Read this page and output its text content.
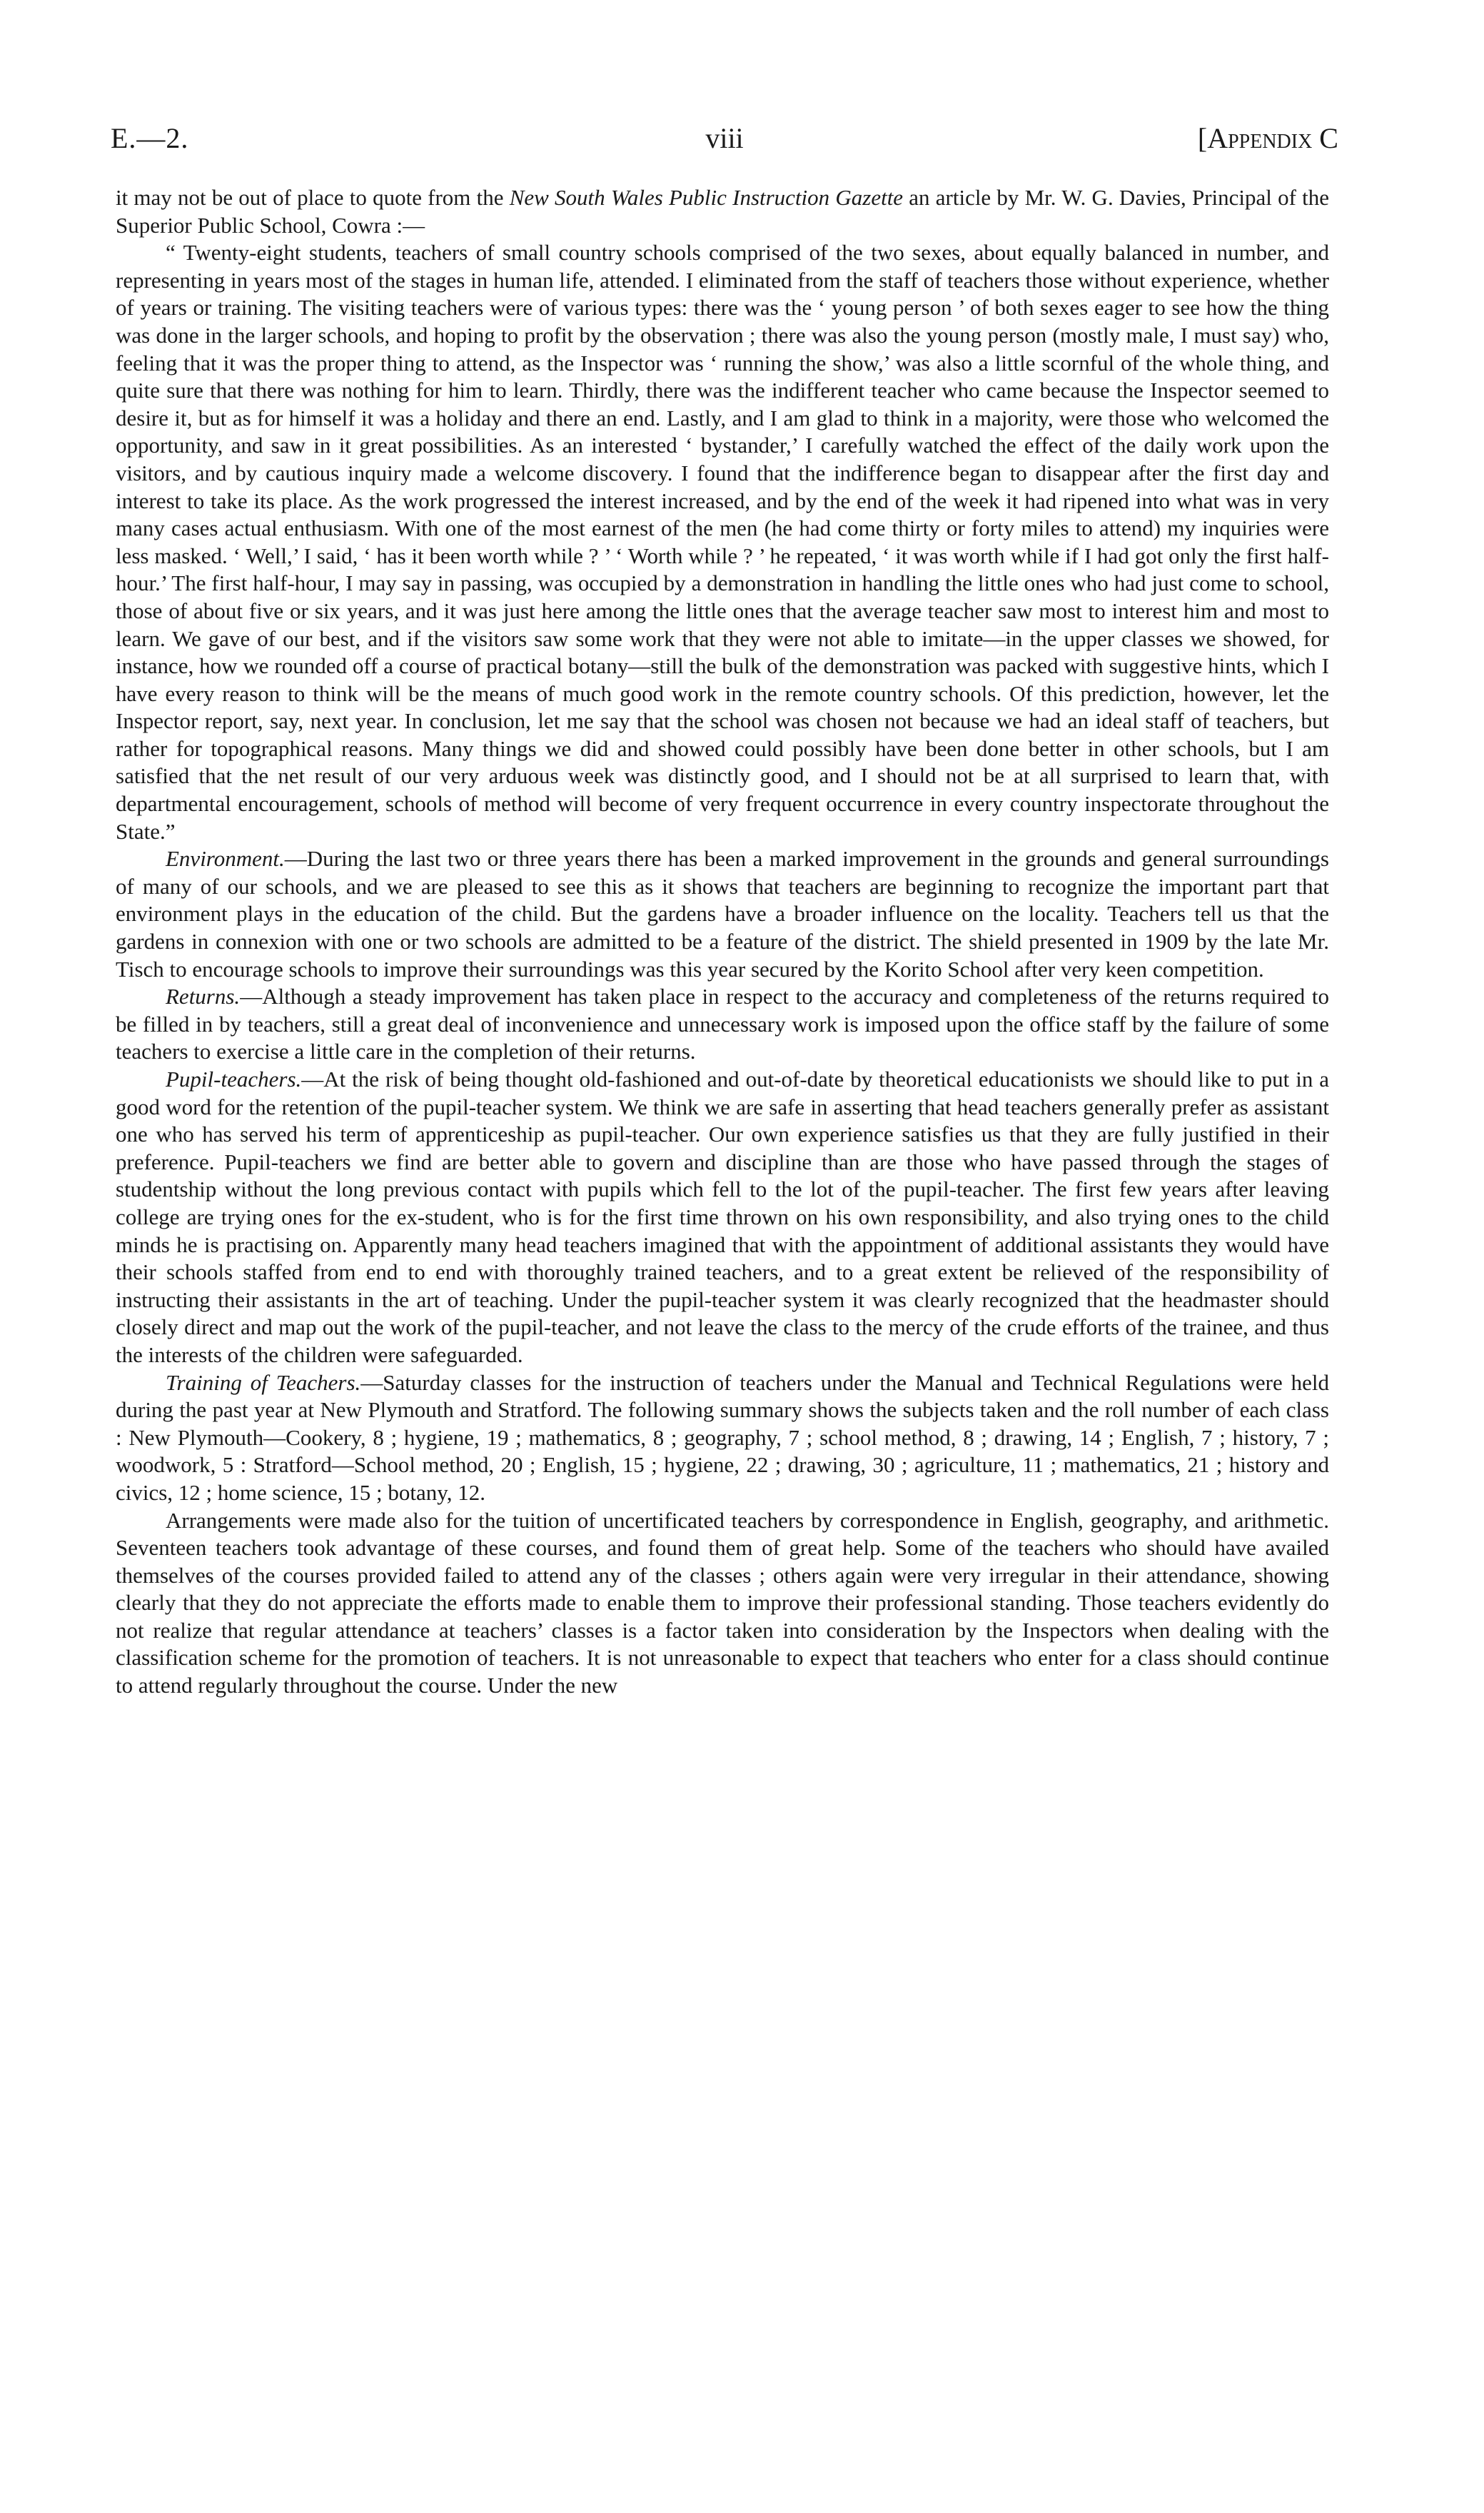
E.—2.	viii	[Appendix C

it may not be out of place to quote from the New South Wales Public Instruction Gazette an article by Mr. W. G. Davies, Principal of the Superior Public School, Cowra :—

“ Twenty-eight students, teachers of small country schools comprised of the two sexes, about equally balanced in number, and representing in years most of the stages in human life, attended. I eliminated from the staff of teachers those without experience, whether of years or training. The visiting teachers were of various types: there was the ‘ young person ’ of both sexes eager to see how the thing was done in the larger schools, and hoping to profit by the observation ; there was also the young person (mostly male, I must say) who, feeling that it was the proper thing to attend, as the Inspector was ‘ running the show,’ was also a little scornful of the whole thing, and quite sure that there was nothing for him to learn. Thirdly, there was the indifferent teacher who came because the Inspector seemed to desire it, but as for himself it was a holiday and there an end. Lastly, and I am glad to think in a majority, were those who welcomed the opportunity, and saw in it great possibilities. As an interested ‘ bystander,’ I carefully watched the effect of the daily work upon the visitors, and by cautious inquiry made a welcome discovery. I found that the indifference began to disappear after the first day and interest to take its place. As the work progressed the interest increased, and by the end of the week it had ripened into what was in very many cases actual enthusiasm. With one of the most earnest of the men (he had come thirty or forty miles to attend) my inquiries were less masked. ‘ Well,’ I said, ‘ has it been worth while ? ’ ‘ Worth while ? ’ he repeated, ‘ it was worth while if I had got only the first half-hour.’ The first half-hour, I may say in passing, was occupied by a demonstration in handling the little ones who had just come to school, those of about five or six years, and it was just here among the little ones that the average teacher saw most to interest him and most to learn. We gave of our best, and if the visitors saw some work that they were not able to imitate—in the upper classes we showed, for instance, how we rounded off a course of practical botany—still the bulk of the demonstration was packed with suggestive hints, which I have every reason to think will be the means of much good work in the remote country schools. Of this prediction, however, let the Inspector report, say, next year. In conclusion, let me say that the school was chosen not because we had an ideal staff of teachers, but rather for topographical reasons. Many things we did and showed could possibly have been done better in other schools, but I am satisfied that the net result of our very arduous week was distinctly good, and I should not be at all surprised to learn that, with departmental encouragement, schools of method will become of very frequent occurrence in every country inspectorate throughout the State.”

Environment.—During the last two or three years there has been a marked improvement in the grounds and general surroundings of many of our schools, and we are pleased to see this as it shows that teachers are beginning to recognize the important part that environment plays in the education of the child. But the gardens have a broader influence on the locality. Teachers tell us that the gardens in connexion with one or two schools are admitted to be a feature of the district. The shield presented in 1909 by the late Mr. Tisch to encourage schools to improve their surroundings was this year secured by the Korito School after very keen competition.

Returns.—Although a steady improvement has taken place in respect to the accuracy and completeness of the returns required to be filled in by teachers, still a great deal of inconvenience and unnecessary work is imposed upon the office staff by the failure of some teachers to exercise a little care in the completion of their returns.

Pupil-teachers.—At the risk of being thought old-fashioned and out-of-date by theoretical educationists we should like to put in a good word for the retention of the pupil-teacher system. We think we are safe in asserting that head teachers generally prefer as assistant one who has served his term of apprenticeship as pupil-teacher. Our own experience satisfies us that they are fully justified in their preference. Pupil-teachers we find are better able to govern and discipline than are those who have passed through the stages of studentship without the long previous contact with pupils which fell to the lot of the pupil-teacher. The first few years after leaving college are trying ones for the ex-student, who is for the first time thrown on his own responsibility, and also trying ones to the child minds he is practising on. Apparently many head teachers imagined that with the appointment of additional assistants they would have their schools staffed from end to end with thoroughly trained teachers, and to a great extent be relieved of the responsibility of instructing their assistants in the art of teaching. Under the pupil-teacher system it was clearly recognized that the headmaster should closely direct and map out the work of the pupil-teacher, and not leave the class to the mercy of the crude efforts of the trainee, and thus the interests of the children were safeguarded.

Training of Teachers.—Saturday classes for the instruction of teachers under the Manual and Technical Regulations were held during the past year at New Plymouth and Stratford. The following summary shows the subjects taken and the roll number of each class : New Plymouth—Cookery, 8 ; hygiene, 19 ; mathematics, 8 ; geography, 7 ; school method, 8 ; drawing, 14 ; English, 7 ; history, 7 ; woodwork, 5 : Stratford—School method, 20 ; English, 15 ; hygiene, 22 ; drawing, 30 ; agriculture, 11 ; mathematics, 21 ; history and civics, 12 ; home science, 15 ; botany, 12.

Arrangements were made also for the tuition of uncertificated teachers by correspondence in English, geography, and arithmetic. Seventeen teachers took advantage of these courses, and found them of great help. Some of the teachers who should have availed themselves of the courses provided failed to attend any of the classes ; others again were very irregular in their attendance, showing clearly that they do not appreciate the efforts made to enable them to improve their professional standing. Those teachers evidently do not realize that regular attendance at teachers’ classes is a factor taken into consideration by the Inspectors when dealing with the classification scheme for the promotion of teachers. It is not unreasonable to expect that teachers who enter for a class should continue to attend regularly throughout the course. Under the new
